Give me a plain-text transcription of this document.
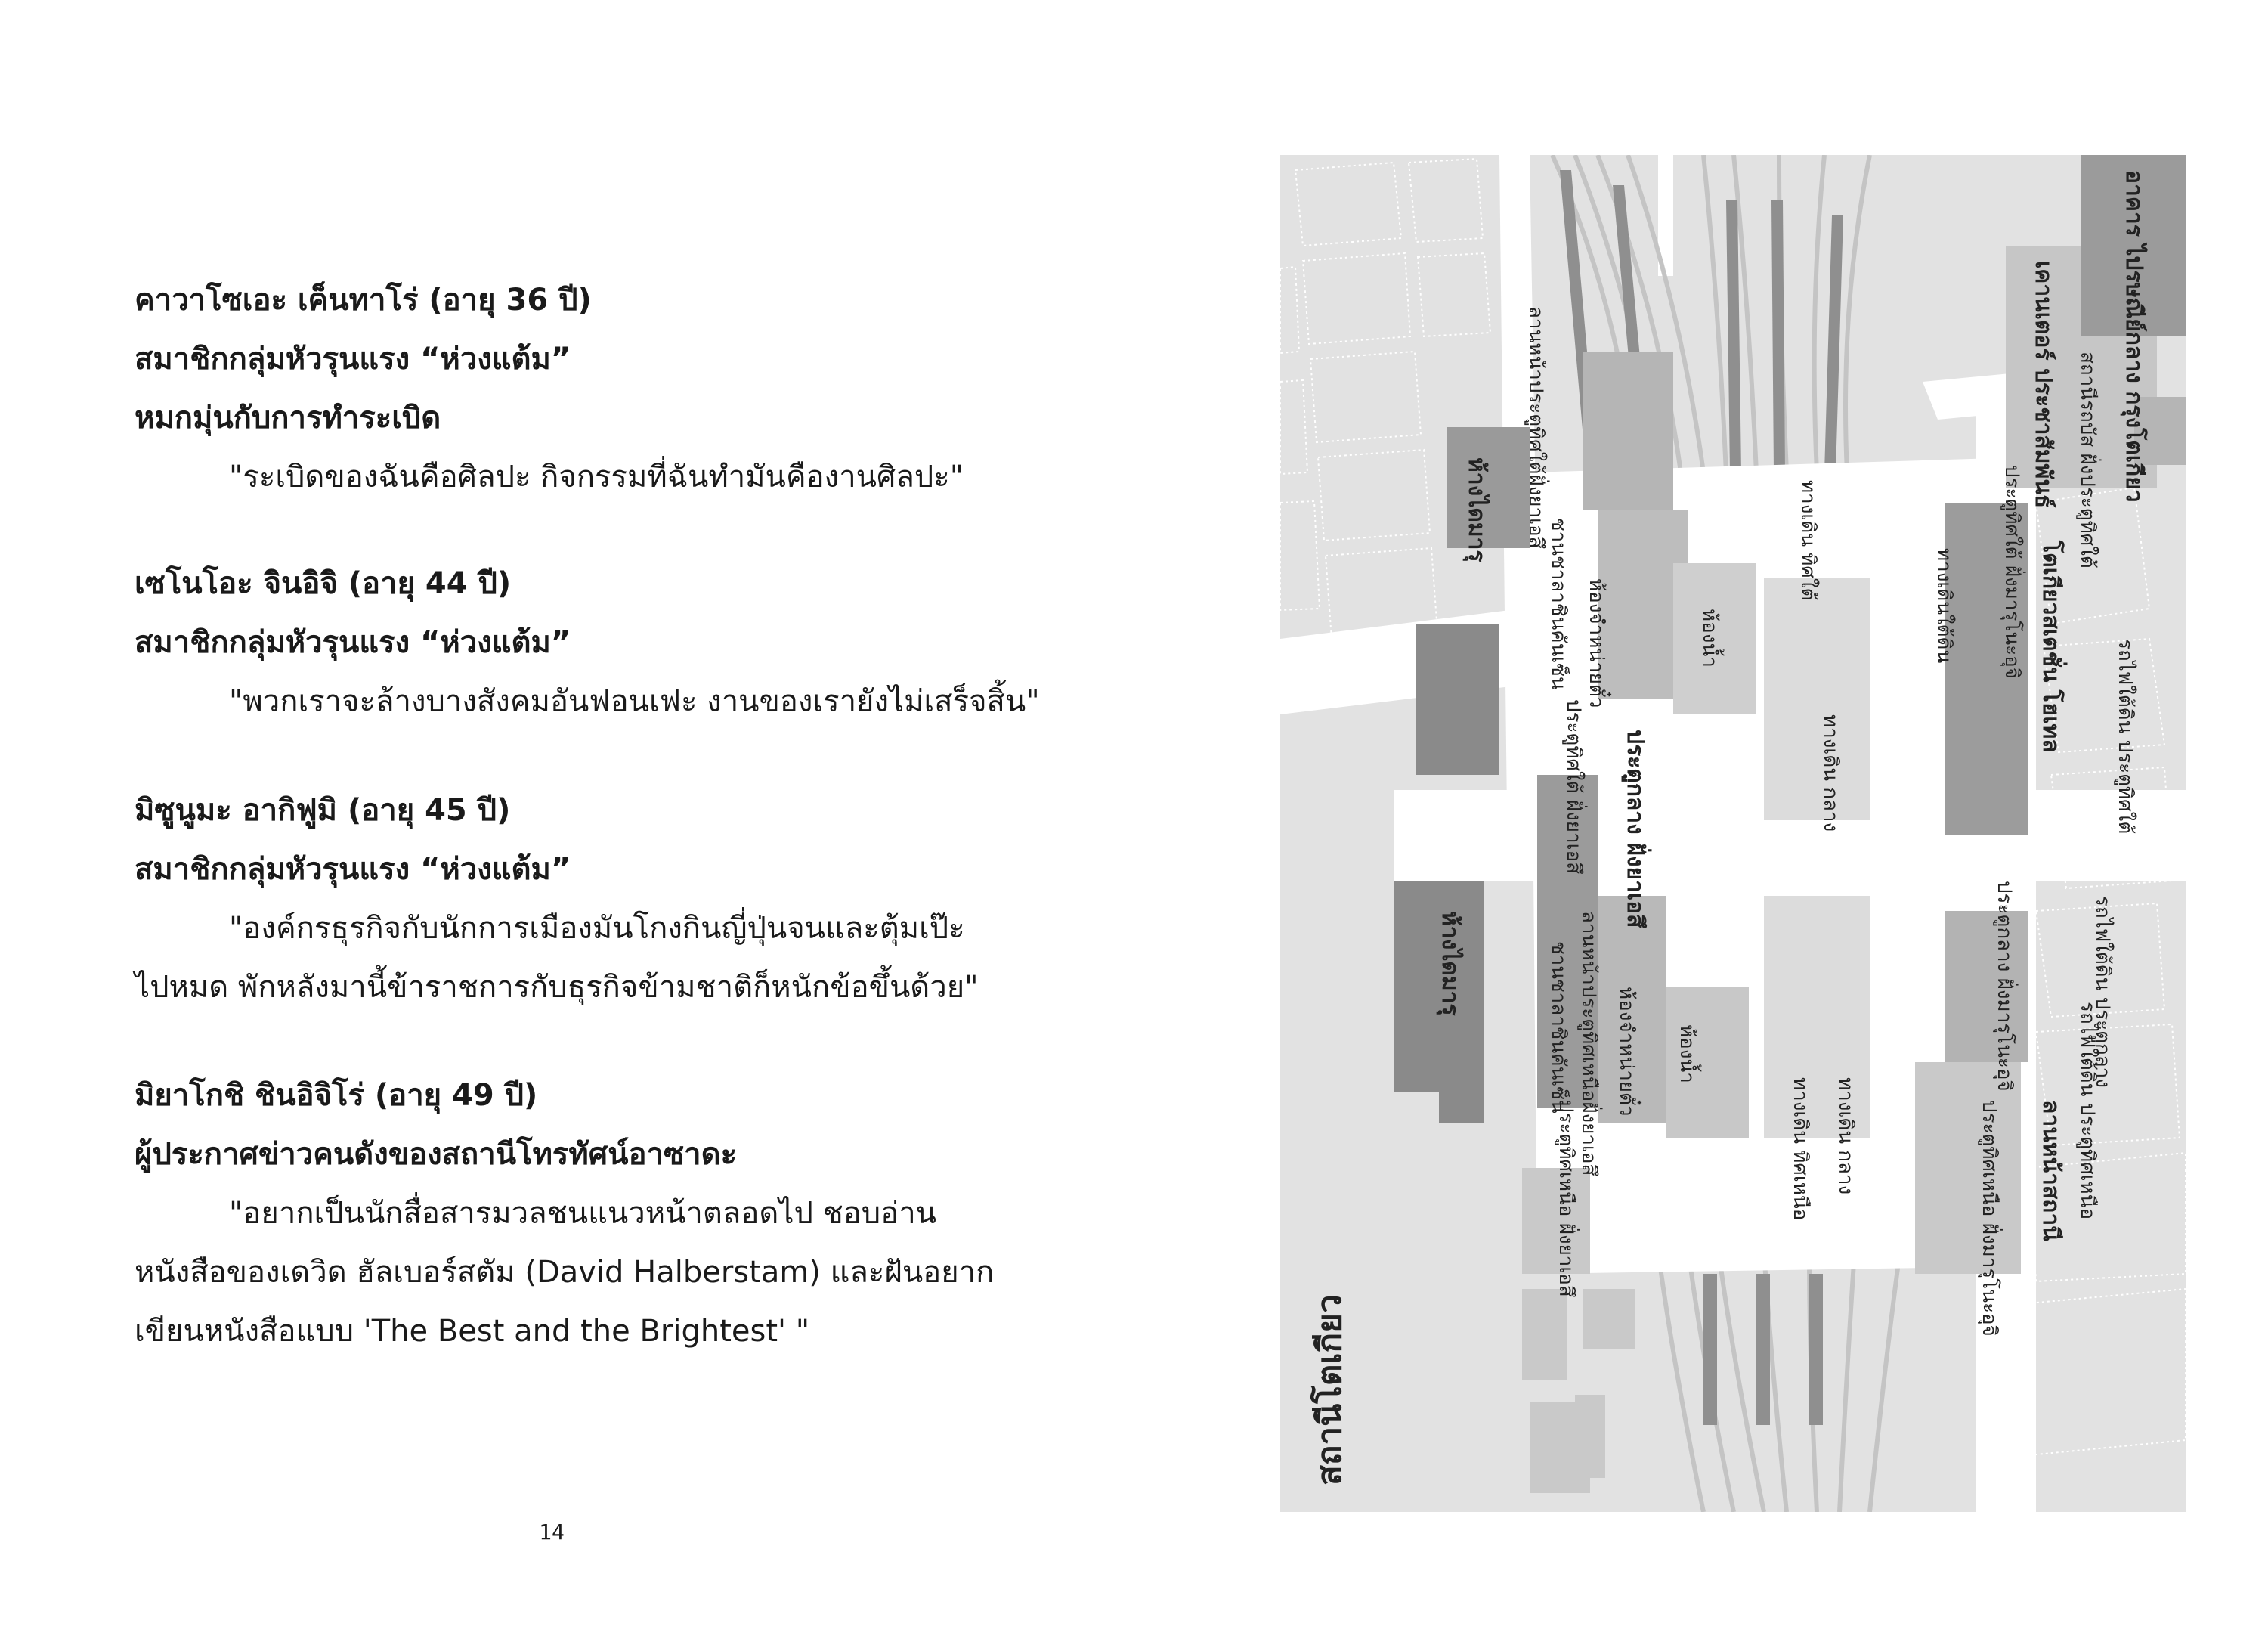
คาวาโซเอะ เค็นทาโร่ (อายุ 36 ปี)
สมาชิกกลุ่มหัวรุนแรง “ห่วงแต้ม”
หมกมุ่นกับการทำระเบิด
"ระเบิดของฉันคือศิลปะ กิจกรรมที่ฉันทำมันคืองานศิลปะ"
เซโนโอะ จินอิจิ (อายุ 44 ปี)
สมาชิกกลุ่มหัวรุนแรง “ห่วงแต้ม”
"พวกเราจะล้างบางสังคมอันฟอนเฟะ งานของเรายังไม่เสร็จสิ้น"
มิซูนูมะ อากิฟูมิ (อายุ 45 ปี)
สมาชิกกลุ่มหัวรุนแรง “ห่วงแต้ม”
"องค์กรธุรกิจกับนักการเมืองมันโกงกินญี่ปุ่นจนและตุ้มเป๊ะ
ไปหมด พักหลังมานี้ข้าราชการกับธุรกิจข้ามชาติก็หนักข้อขึ้นด้วย"
มิยาโกชิ ชินอิจิโร่ (อายุ 49 ปี)
ผู้ประกาศข่าวคนดังของสถานีโทรทัศน์อาซาดะ
"อยากเป็นนักสื่อสารมวลชนแนวหน้าตลอดไป ชอบอ่าน
หนังสือของเดวิด ฮัลเบอร์สตัม (David Halberstam) และฝันอยาก
เขียนหนังสือแบบ 'The Best and the Brightest' "
14
สถานีโตเกียว
อาคาร ไปรษณีย์กลาง กรุงโตเกียว
สถานีรถบัส ฝั่งประตูทิศใต้
เคานเตอร์ ประชาสัมพันธ์
ประตูทิศใต้ ฝั่งมารุโนะอุจิ โตเกียวสเตชั่น โฮเทล	รถไฟใต้ดิน ประตูทิศใต้
ประตูกลาง ฝั่งมารุโนะอุจิ	รถไฟใต้ดิน ประตูกลาง
รถไฟใต้ดิน ประตูทิศเหนือ
ประตูทิศเหนือ ฝั่งมารุโนะอุจิ ลานหน้าสถานี
ทางเดิน ทิศใต้
ทางเดิน กลาง
ทางเดิน ทิศเหนือ ทางเดิน กลาง
ทางเดินใต้ดิน
ลานหน้าประตูทิศใต้ฝั่งยาเอสึ
ชานชาลาชินคันเซ็น ห้องจำหน่ายตั๋ว	ห้องน้ำ
ประตูทิศใต้ ฝั่งยาเอสึ ประตูกลาง ฝั่งยาเอสึ
ลานหน้าประตูทิศเหนือฝั่งยาเอสึ
ชานชาลาชินคันเซ็น ห้องจำหน่ายตั๋ว ห้องน้ำ
ประตูทิศเหนือ ฝั่งยาเอสึ
ห้างไดมารุ
ห้างไดมารุ
